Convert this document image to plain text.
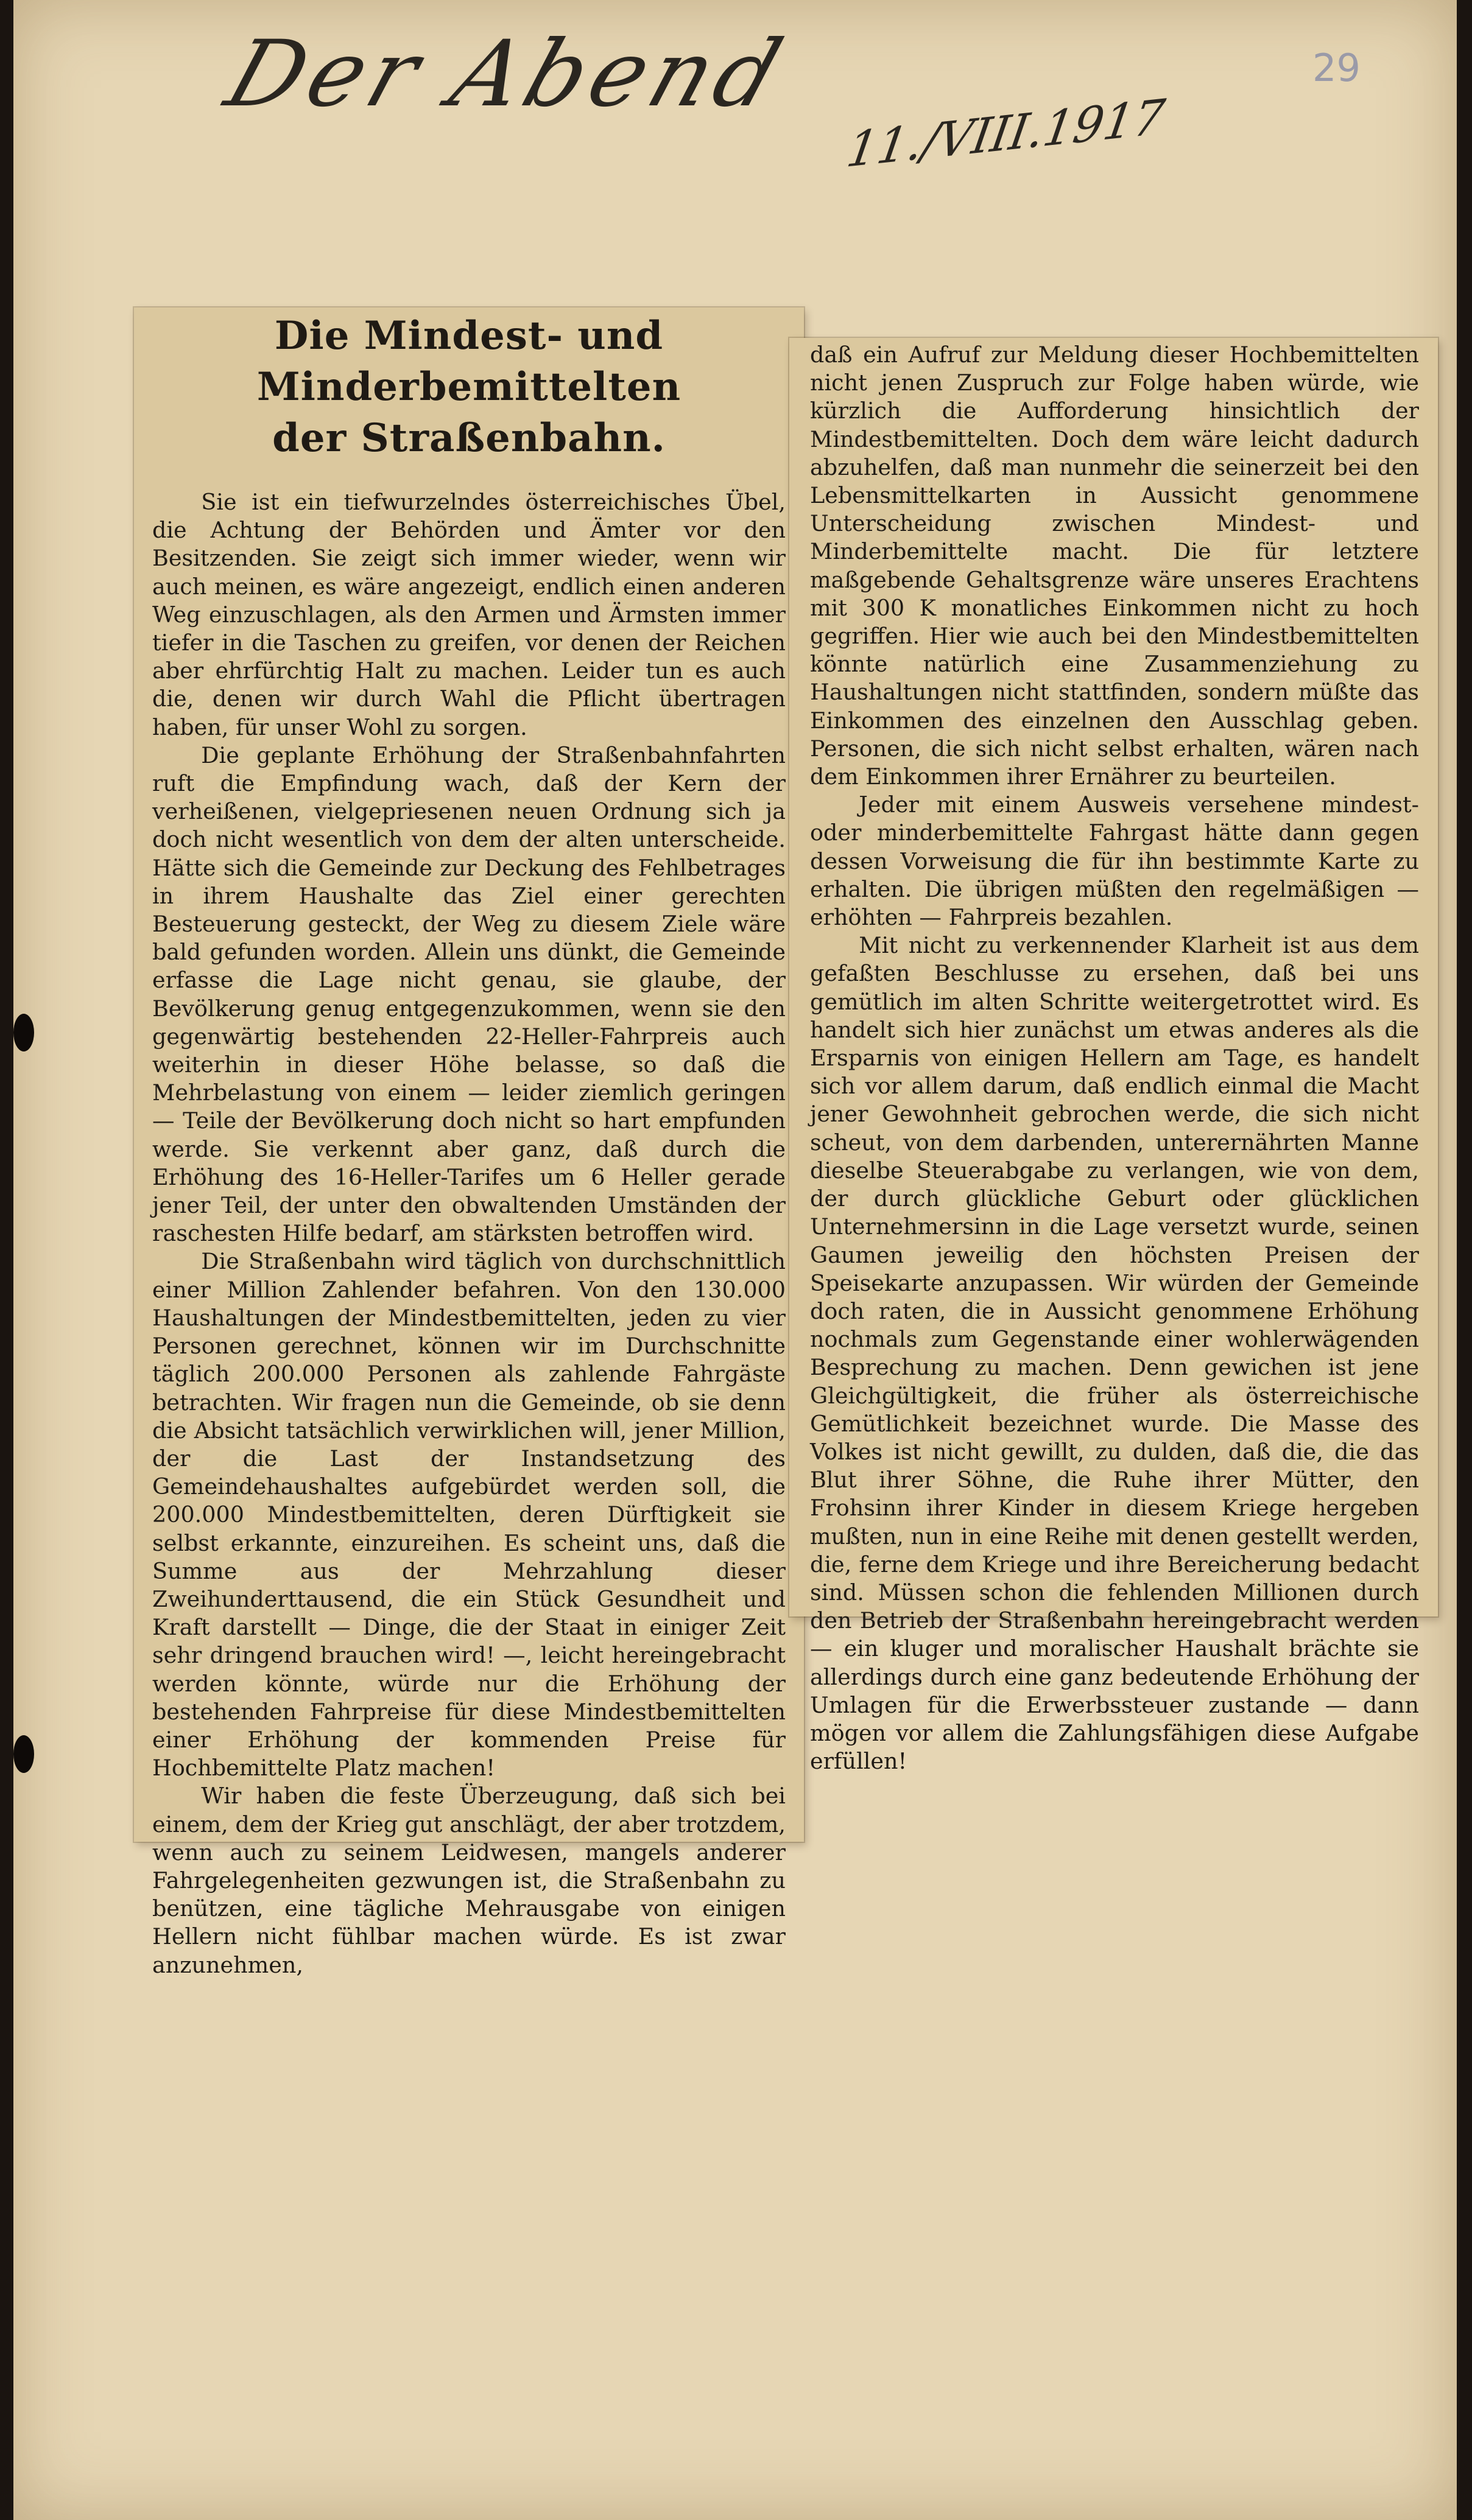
Der Abend
11./VIII.1917
29
Die Mindest- und Minderbemittelten
der Straßenbahn.

Sie ist ein tiefwurzelndes österreichisches Übel, die Achtung der Behörden und Ämter vor den Besitzenden. Sie zeigt sich immer wieder, wenn wir auch meinen, es wäre angezeigt, endlich einen anderen Weg einzuschlagen, als den Armen und Ärmsten immer tiefer in die Taschen zu greifen, vor denen der Reichen aber ehrfürchtig Halt zu machen. Leider tun es auch die, denen wir durch Wahl die Pflicht übertragen haben, für unser Wohl zu sorgen.

Die geplante Erhöhung der Straßenbahnfahrten ruft die Empfindung wach, daß der Kern der verheißenen, vielgepriesenen neuen Ordnung sich ja doch nicht wesentlich von dem der alten unterscheide. Hätte sich die Gemeinde zur Deckung des Fehlbetrages in ihrem Haushalte das Ziel einer gerechten Besteuerung gesteckt, der Weg zu diesem Ziele wäre bald gefunden worden. Allein uns dünkt, die Gemeinde erfasse die Lage nicht genau, sie glaube, der Bevölkerung genug entgegenzukommen, wenn sie den gegenwärtig bestehenden 22-Heller-Fahrpreis auch weiterhin in dieser Höhe belasse, so daß die Mehrbelastung von einem — leider ziemlich geringen — Teile der Bevölkerung doch nicht so hart empfunden werde. Sie verkennt aber ganz, daß durch die Erhöhung des 16-Heller-Tarifes um 6 Heller gerade jener Teil, der unter den obwaltenden Umständen der raschesten Hilfe bedarf, am stärksten betroffen wird.

Die Straßenbahn wird täglich von durchschnittlich einer Million Zahlender befahren. Von den 130.000 Haushaltungen der Mindestbemittelten, jeden zu vier Personen gerechnet, können wir im Durchschnitte täglich 200.000 Personen als zahlende Fahrgäste betrachten. Wir fragen nun die Gemeinde, ob sie denn die Absicht tatsächlich verwirklichen will, jener Million, der die Last der Instandsetzung des Gemeindehaushaltes aufgebürdet werden soll, die 200.000 Mindestbemittelten, deren Dürftigkeit sie selbst erkannte, einzureihen. Es scheint uns, daß die Summe aus der Mehrzahlung dieser Zweihunderttausend, die ein Stück Gesundheit und Kraft darstellt — Dinge, die der Staat in einiger Zeit sehr dringend brauchen wird! —, leicht hereingebracht werden könnte, würde nur die Erhöhung der bestehenden Fahrpreise für diese Mindestbemittelten einer Erhöhung der kommenden Preise für Hochbemittelte Platz machen!

Wir haben die feste Überzeugung, daß sich bei einem, dem der Krieg gut anschlägt, der aber trotzdem, wenn auch zu seinem Leidwesen, mangels anderer Fahrgelegenheiten gezwungen ist, die Straßenbahn zu benützen, eine tägliche Mehrausgabe von einigen Hellern nicht fühlbar machen würde. Es ist zwar anzunehmen,

daß ein Aufruf zur Meldung dieser Hochbemittelten nicht jenen Zuspruch zur Folge haben würde, wie kürzlich die Aufforderung hinsichtlich der Mindestbemittelten. Doch dem wäre leicht dadurch abzuhelfen, daß man nunmehr die seinerzeit bei den Lebensmittelkarten in Aussicht genommene Unterscheidung zwischen Mindest- und Minderbemittelte macht. Die für letztere maßgebende Gehaltsgrenze wäre unseres Erachtens mit 300 K monatliches Einkommen nicht zu hoch gegriffen. Hier wie auch bei den Mindestbemittelten könnte natürlich eine Zusammenziehung zu Haushaltungen nicht stattfinden, sondern müßte das Einkommen des einzelnen den Ausschlag geben. Personen, die sich nicht selbst erhalten, wären nach dem Einkommen ihrer Ernährer zu beurteilen.

Jeder mit einem Ausweis versehene mindest- oder minderbemittelte Fahrgast hätte dann gegen dessen Vorweisung die für ihn bestimmte Karte zu erhalten. Die übrigen müßten den regelmäßigen — erhöhten — Fahrpreis bezahlen.

Mit nicht zu verkennender Klarheit ist aus dem gefaßten Beschlusse zu ersehen, daß bei uns gemütlich im alten Schritte weitergetrottet wird. Es handelt sich hier zunächst um etwas anderes als die Ersparnis von einigen Hellern am Tage, es handelt sich vor allem darum, daß endlich einmal die Macht jener Gewohnheit gebrochen werde, die sich nicht scheut, von dem darbenden, unterernährten Manne dieselbe Steuerabgabe zu verlangen, wie von dem, der durch glückliche Geburt oder glücklichen Unternehmersinn in die Lage versetzt wurde, seinen Gaumen jeweilig den höchsten Preisen der Speisekarte anzupassen. Wir würden der Gemeinde doch raten, die in Aussicht genommene Erhöhung nochmals zum Gegenstande einer wohlerwägenden Besprechung zu machen. Denn gewichen ist jene Gleichgültigkeit, die früher als österreichische Gemütlichkeit bezeichnet wurde. Die Masse des Volkes ist nicht gewillt, zu dulden, daß die, die das Blut ihrer Söhne, die Ruhe ihrer Mütter, den Frohsinn ihrer Kinder in diesem Kriege hergeben mußten, nun in eine Reihe mit denen gestellt werden, die, ferne dem Kriege und ihre Bereicherung bedacht sind. Müssen schon die fehlenden Millionen durch den Betrieb der Straßenbahn hereingebracht werden — ein kluger und moralischer Haushalt brächte sie allerdings durch eine ganz bedeutende Erhöhung der Umlagen für die Erwerbssteuer zustande — dann mögen vor allem die Zahlungsfähigen diese Aufgabe erfüllen!
